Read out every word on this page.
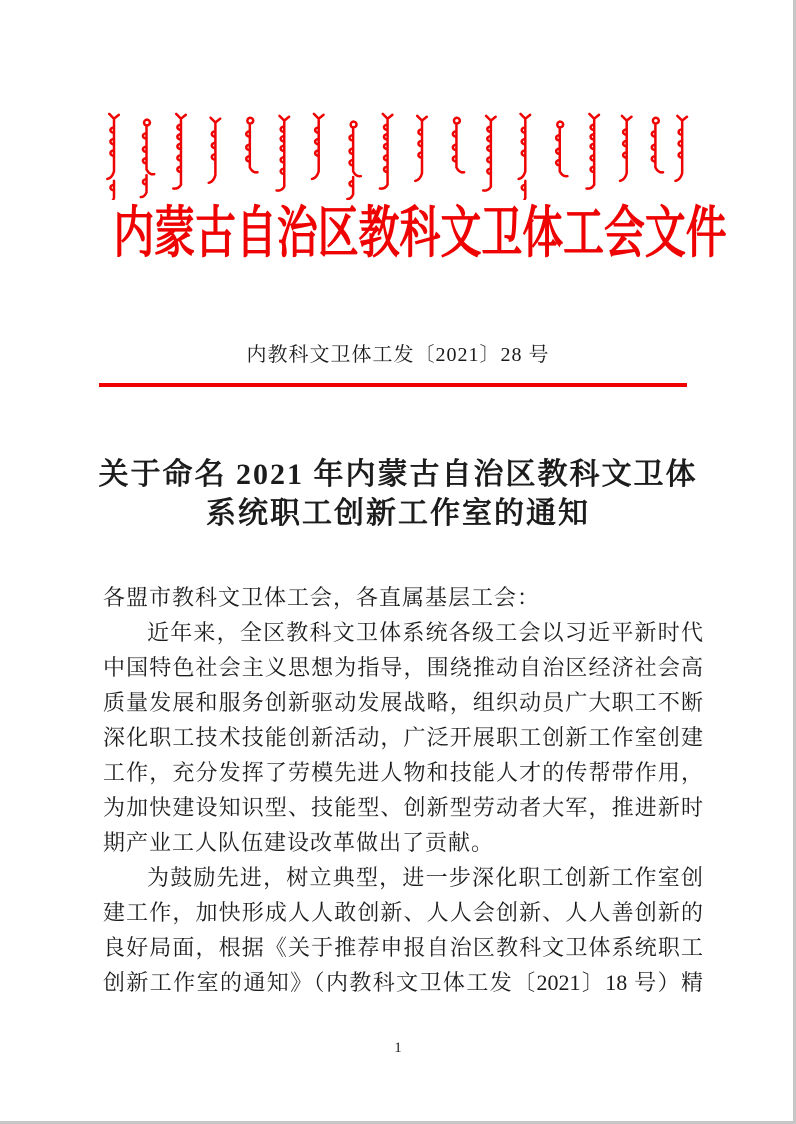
内蒙古自治区教科文卫体工会文件
内教科文卫体工发〔2021〕28 号
关于命名 2021 年内蒙古自治区教科文卫体
系统职工创新工作室的通知
各盟市教科文卫体工会，各直属基层工会：
近年来，全区教科文卫体系统各级工会以习近平新时代
中国特色社会主义思想为指导，围绕推动自治区经济社会高
质量发展和服务创新驱动发展战略，组织动员广大职工不断
深化职工技术技能创新活动，广泛开展职工创新工作室创建
工作，充分发挥了劳模先进人物和技能人才的传帮带作用，
为加快建设知识型、技能型、创新型劳动者大军，推进新时
期产业工人队伍建设改革做出了贡献。
为鼓励先进，树立典型，进一步深化职工创新工作室创
建工作，加快形成人人敢创新、人人会创新、人人善创新的
良好局面，根据《关于推荐申报自治区教科文卫体系统职工
创新工作室的通知》（内教科文卫体工发〔2021〕18 号）精
1
